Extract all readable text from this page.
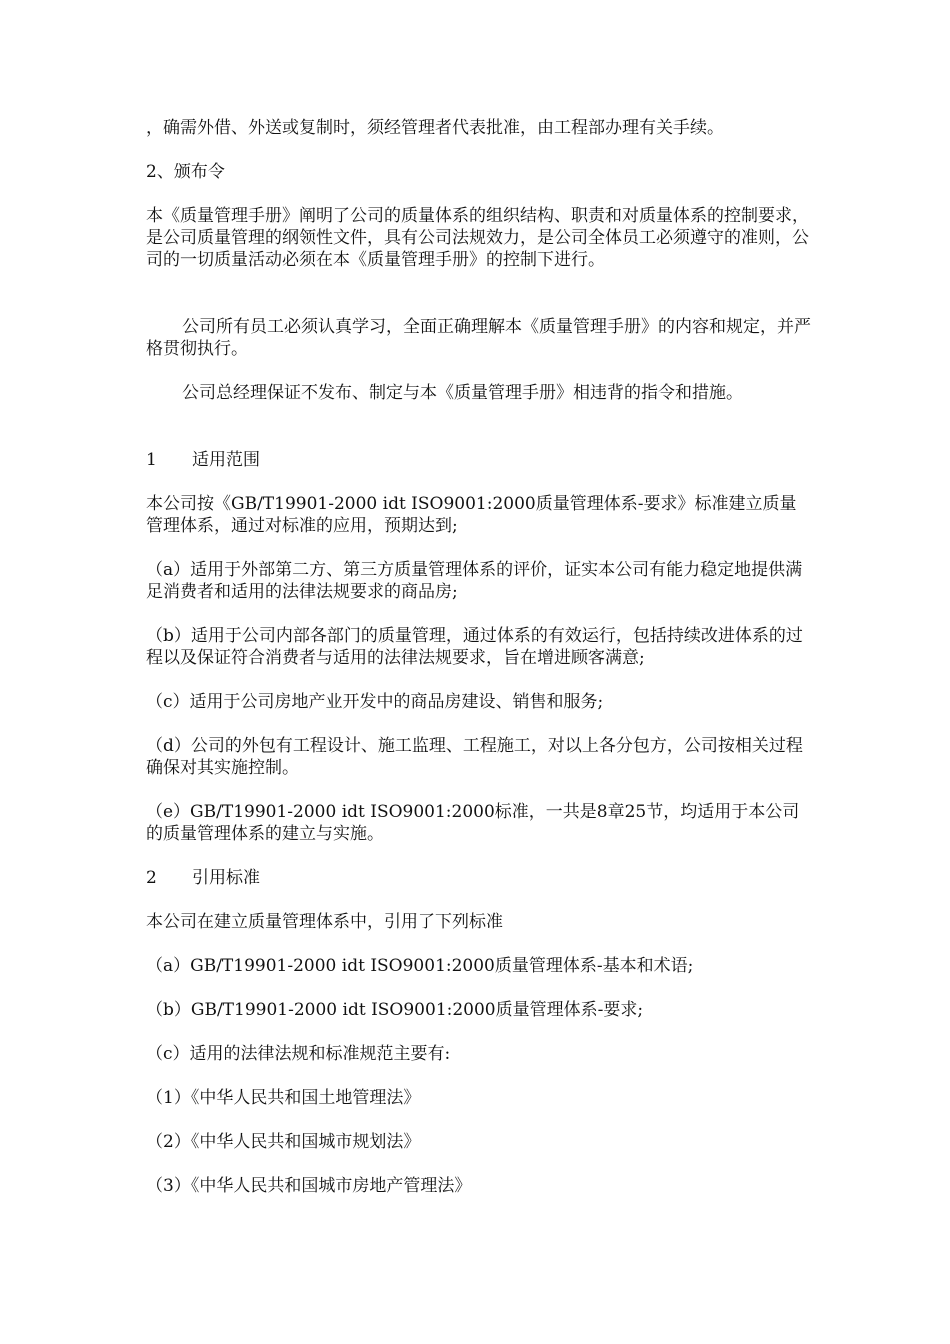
，确需外借、外送或复制时，须经管理者代表批准，由工程部办理有关手续。

2、颁布令

本《质量管理手册》阐明了公司的质量体系的组织结构、职责和对质量体系的控制要求，是公司质量管理的纲领性文件，具有公司法规效力，是公司全体员工必须遵守的准则，公司的一切质量活动必须在本《质量管理手册》的控制下进行。

公司所有员工必须认真学习，全面正确理解本《质量管理手册》的内容和规定，并严格贯彻执行。

公司总经理保证不发布、制定与本《质量管理手册》相违背的指令和措施。

1 适用范围

本公司按《GB/T19901-2000 idt ISO9001:2000质量管理体系-要求》标准建立质量管理体系，通过对标准的应用，预期达到;

（a）适用于外部第二方、第三方质量管理体系的评价，证实本公司有能力稳定地提供满足消费者和适用的法律法规要求的商品房;

（b）适用于公司内部各部门的质量管理，通过体系的有效运行，包括持续改进体系的过程以及保证符合消费者与适用的法律法规要求，旨在增进顾客满意;

（c）适用于公司房地产业开发中的商品房建设、销售和服务;

（d）公司的外包有工程设计、施工监理、工程施工，对以上各分包方，公司按相关过程确保对其实施控制。

（e）GB/T19901-2000 idt ISO9001:2000标准，一共是8章25节，均适用于本公司的质量管理体系的建立与实施。

2 引用标准

本公司在建立质量管理体系中，引用了下列标准

（a）GB/T19901-2000 idt ISO9001:2000质量管理体系-基本和术语;

（b）GB/T19901-2000 idt ISO9001:2000质量管理体系-要求;

（c）适用的法律法规和标准规范主要有:

（1）《中华人民共和国土地管理法》

（2）《中华人民共和国城市规划法》

（3）《中华人民共和国城市房地产管理法》
